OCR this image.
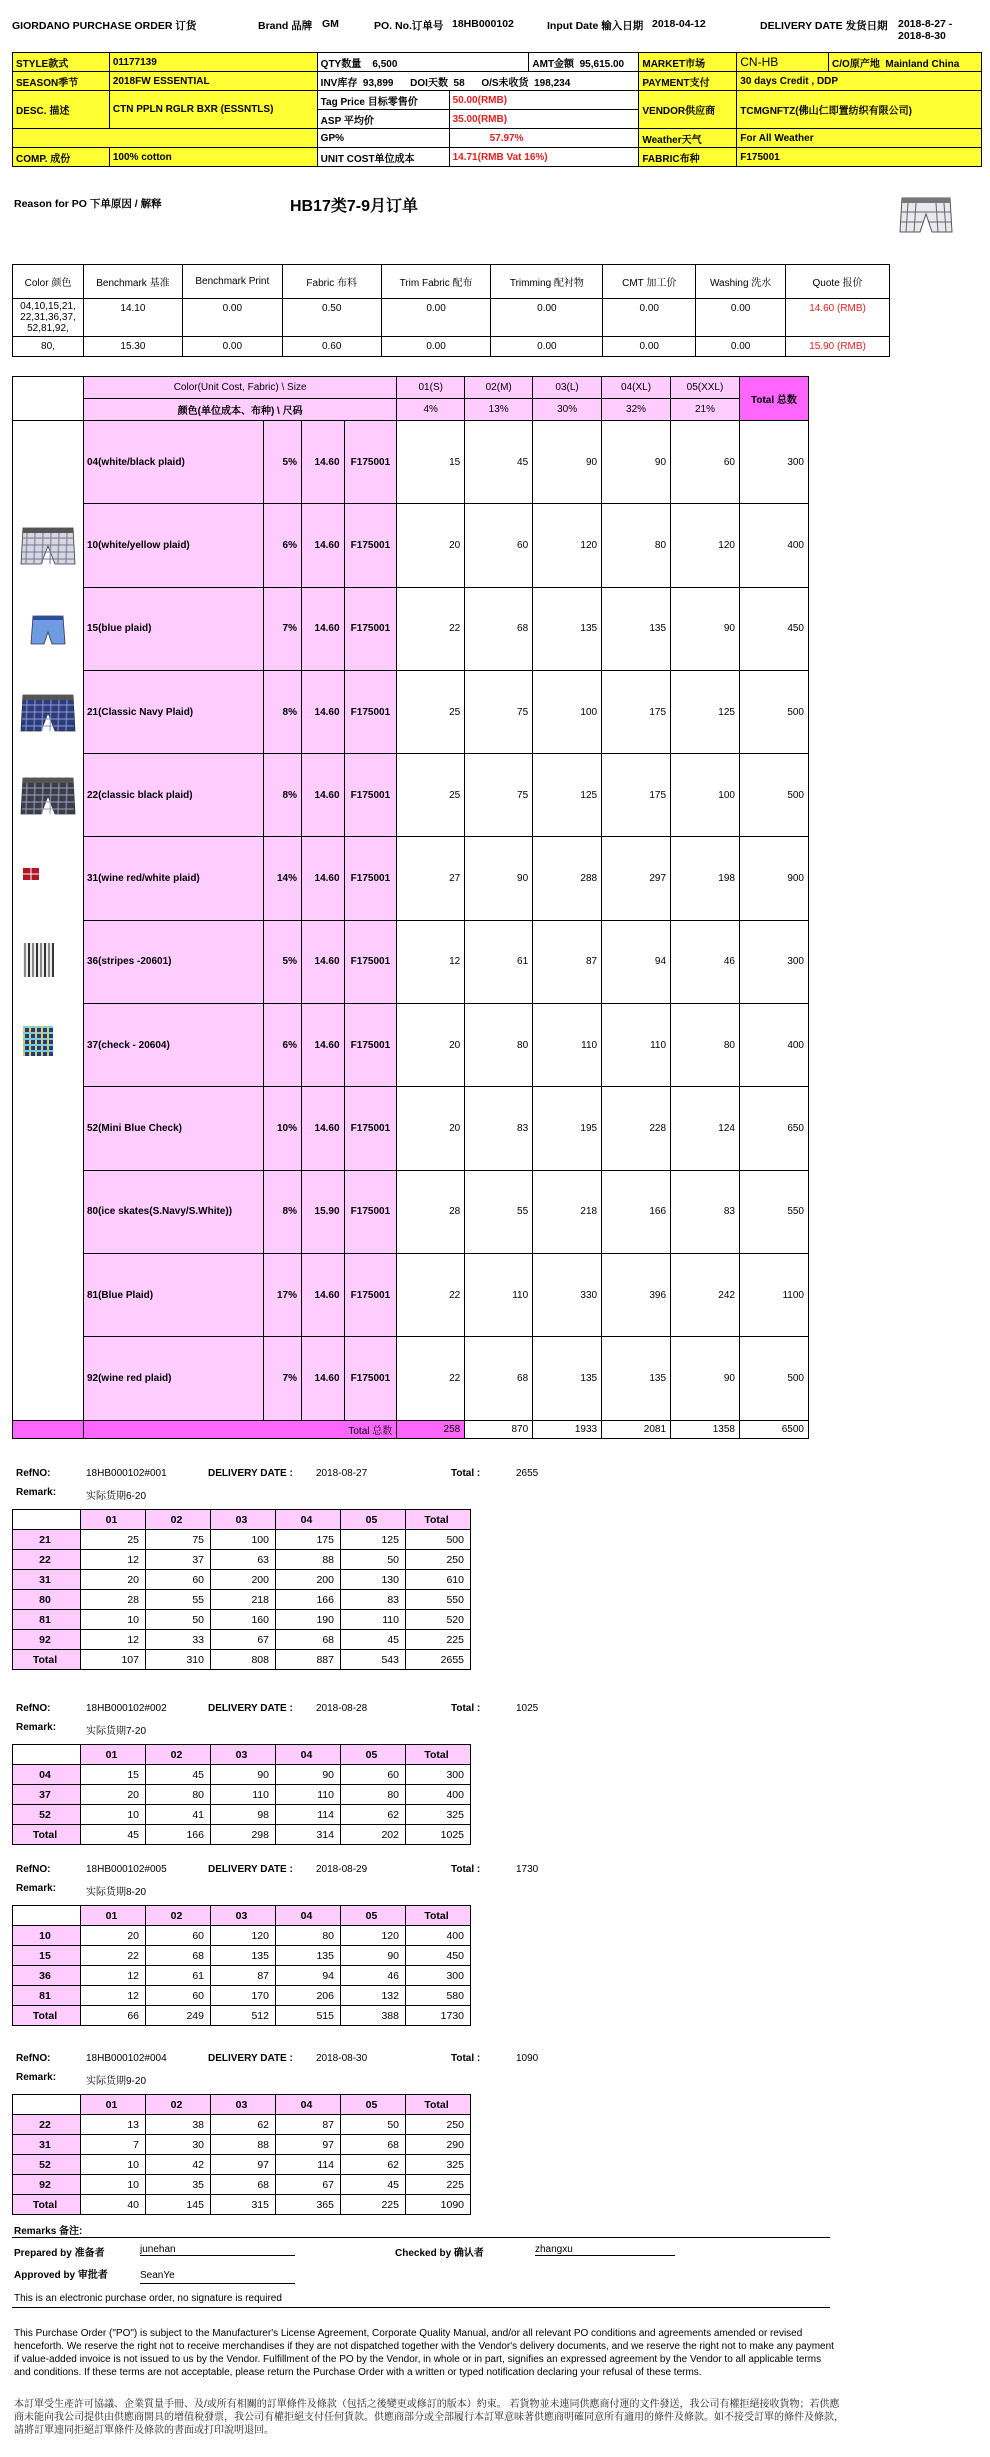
GIORDANO PURCHASE ORDER 订货	Brand 品牌 GM	PO. No.订单号 18HB000102	Input Date 输入日期 2018-04-12	DELIVERY DATE 发货日期 2018-8-27 -
2018-8-30
STYLE款式	01177139	QTY数量 6,500		AMT金额 95,615.00	MARKET市场	CN-HB	C/O原产地 Mainland China
SEASON季节	2018FW ESSENTIAL	INV库存 93,899 DOI天数 58 O/S未收货 198,234			PAYMENT支付	30 days Credit , DDP	
DESC. 描述	CTN PPLN RGLR BXR (ESSNTLS)	Tag Price 目标零售价	50.00(RMB)		VENDOR供应商	TCMGNFTZ(佛山仁即置纺织有限公司)	
		ASP 平均价	35.00(RMB)				
		GP%	57.97%		Weather天气	For All Weather	
COMP. 成份	100% cotton	UNIT COST单位成本	14.71(RMB Vat 16%)		FABRIC布种	F175001	
Reason for PO 下单原因 / 解释	HB17类7-9月订单
Color 颜色	Benchmark 基准	Benchmark Print	Fabric 布料	Trim Fabric 配布	Trimming 配衬物	CMT 加工价	Washing 洗水	Quote 报价
04,10,15,21, 22,31,36,37, 52,81,92,	14.10	0.00	0.50	0.00	0.00	0.00	0.00	14.60 (RMB)
80,	15.30	0.00	0.60	0.00	0.00	0.00	0.00	15.90 (RMB)
	Color(Unit Cost, Fabric) \ Size				01(S)	02(M)	03(L)	04(XL)	05(XXL)	Total 总数
	颜色(单位成本、布种) \ 尺码				4%	13%	30%	32%	21%	
	04(white/black plaid)	5%	14.60	F175001	15	45	90	90	60	300

	10(white/yellow plaid)	6%	14.60	F175001	20	60	120	80	120	400

	15(blue plaid)	7%	14.60	F175001	22	68	135	135	90	450

	21(Classic Navy Plaid)	8%	14.60	F175001	25	75	100	175	125	500

	22(classic black plaid)	8%	14.60	F175001	25	75	125	175	100	500

	31(wine red/white plaid)	14%	14.60	F175001	27	90	288	297	198	900

	36(stripes -20601)	5%	14.60	F175001	12	61	87	94	46	300

	37(check - 20604)	6%	14.60	F175001	20	80	110	110	80	400
	52(Mini Blue Check)	10%	14.60	F175001	20	83	195	228	124	650
	80(ice skates(S.Navy/S.White))	8%	15.90	F175001	28	55	218	166	83	550
	81(Blue Plaid)	17%	14.60	F175001	22	110	330	396	242	1100
	92(wine red plaid)	7%	14.60	F175001	22	68	135	135	90	500
	Total 总数				258	870	1933	2081	1358	6500
RefNO:	18HB000102#001	DELIVERY DATE : 2018-08-27	Total :	2655
Remark:	实际货期6-20
	01	02	03	04	05	Total
21	25	75	100	175	125	500
22	12	37	63	88	50	250
31	20	60	200	200	130	610
80	28	55	218	166	83	550
81	10	50	160	190	110	520
92	12	33	67	68	45	225
Total	107	310	808	887	543	2655
RefNO:	18HB000102#002	DELIVERY DATE : 2018-08-28	Total :	1025
Remark:	实际货期7-20
	01	02	03	04	05	Total
04	15	45	90	90	60	300
37	20	80	110	110	80	400
52	10	41	98	114	62	325
Total	45	166	298	314	202	1025
RefNO:	18HB000102#005	DELIVERY DATE : 2018-08-29	Total :	1730
Remark:	实际货期8-20
	01	02	03	04	05	Total
10	20	60	120	80	120	400
15	22	68	135	135	90	450
36	12	61	87	94	46	300
81	12	60	170	206	132	580
Total	66	249	512	515	388	1730
RefNO:	18HB000102#004	DELIVERY DATE : 2018-08-30	Total :	1090
Remark:	实际货期9-20
	01	02	03	04	05	Total
22	13	38	62	87	50	250
31	7	30	88	97	68	290
52	10	42	97	114	62	325
92	10	35	68	67	45	225
Total	40	145	315	365	225	1090
Remarks 备注:
Prepared by 准备者	junehan	Checked by 确认者	zhangxu
Approved by 审批者	SeanYe
This is an electronic purchase order, no signature is required
This Purchase Order ("PO") is subject to the Manufacturer's License Agreement, Corporate Quality Manual, and/or all relevant PO conditions and agreements amended or revised henceforth. We reserve the right not to receive merchandises if they are not dispatched together with the Vendor's delivery documents, and we reserve the right not to make any payment if value-added invoice is not issued to us by the Vendor. Fulfillment of the PO by the Vendor, in whole or in part, signifies an expressed agreement by the Vendor to all applicable terms and conditions. If these terms are not acceptable, please return the Purchase Order with a written or typed notification declaring your refusal of these terms.
本訂單受生產許可協議、企業質量手冊、及/或所有相關的訂單條件及條款（包括之後變更或修訂的版本）約束。 若貨物並未連同供應商付運的文件發送，我公司有權拒絕接收貨物；若供應商未能向我公司提供由供應商開具的增值稅發票，我公司有權拒絕支付任何貨款。供應商部分或全部履行本訂單意味著供應商明確同意所有適用的條件及條款。如不接受訂單的條件及條款，請將訂單連同拒絕訂單條件及條款的書面或打印說明退回。
